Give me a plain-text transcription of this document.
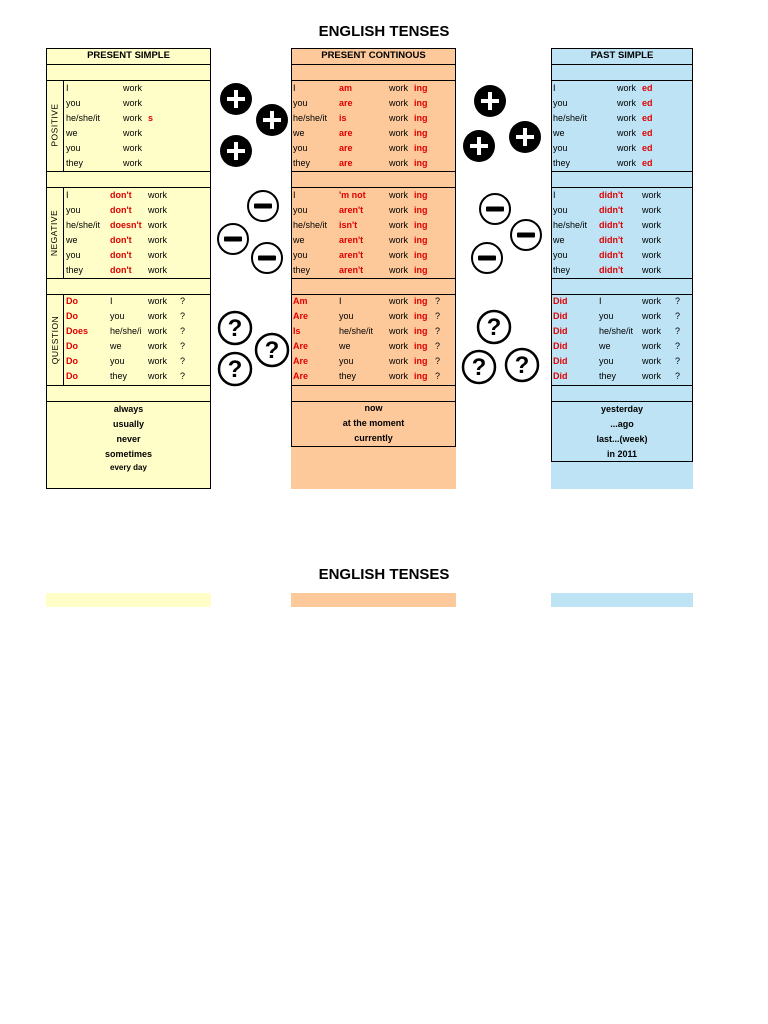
ENGLISH TENSES
PRESENT SIMPLE
always
usually
never
sometimes
every day
POSITIVE
NEGATIVE
QUESTION
I	work
you	work
he/she/it	work s
we	work
you	work
they	work
I	don't work
you	don't work
he/she/it doesn't work
we	don't work
you	don't work
they	don't work
Do	I	work ?
Do	you	work ?
Does he/she/i work ?
Do	we	work ?
Do	you	work ?
Do	they work ?
PRESENT CONTINOUS
now
at the moment
currently
I	am	work ing
you	are	work ing
he/she/it is	work ing
we	are	work ing
you	are	work ing
they	are	work ing
I	'm not	work ing
you	aren't	work ing
he/she/it isn't	work ing
we	aren't	work ing
you	aren't	work ing
they	aren't	work ing
Am	I	work ing ?
Are	you	work ing ?
Is	he/she/it work ing ?
Are	we	work ing ?
Are	you	work ing ?
Are	they	work ing ?
PAST SIMPLE
yesterday
...ago
last...(week)
in 2011
I	work ed
you	work ed
he/she/it	work ed
we	work ed
you	work ed
they	work ed
I	didn't work
you	didn't work
he/she/it didn't work
we	didn't work
you	didn't work
they	didn't work
Did	I	work ?
Did	you	work ?
Did	he/she/it work ?
Did	we	work ?
Did	you	work ?
Did	they	work ?
?
?
?
?
? ?
ENGLISH TENSES
